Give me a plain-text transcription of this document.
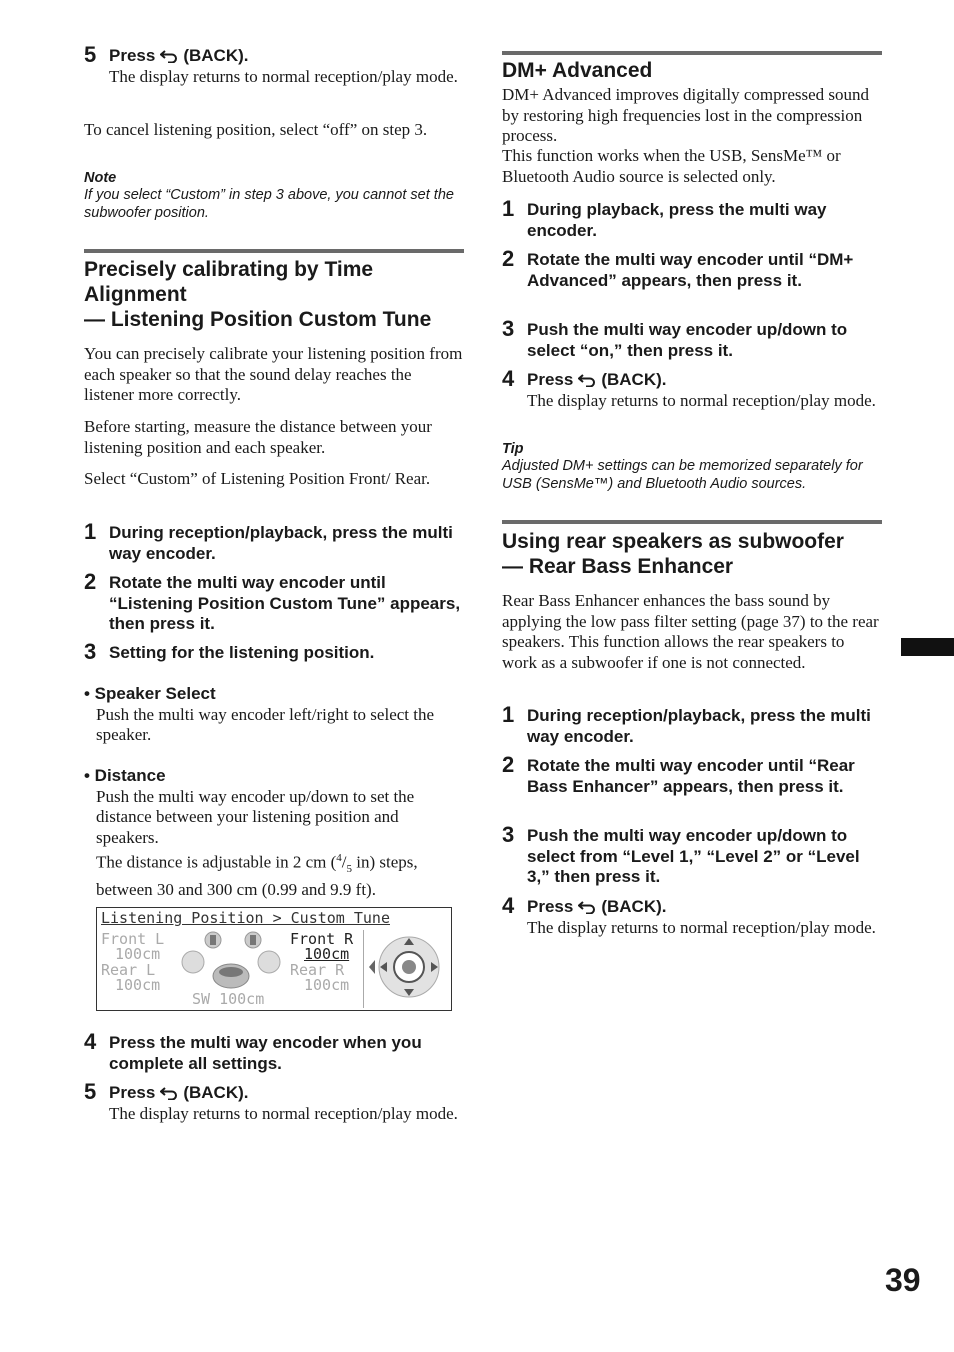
5 Press (BACK).

The display returns to normal reception/play mode.

To cancel listening position, select “off” on step 3.

Note
If you select “Custom” in step 3 above, you cannot set the subwoofer position.
Precisely calibrating by Time
Alignment
— Listening Position Custom Tune

You can precisely calibrate your listening position from each speaker so that the sound delay reaches the listener more correctly.

Before starting, measure the distance between your listening position and each speaker.

Select “Custom” of Listening Position Front/ Rear.

1 During reception/playback, press the multi way encoder.
2 Rotate the multi way encoder until “Listening Position Custom Tune” appears, then press it.
3 Setting for the listening position.
• Speaker Select
Push the multi way encoder left/right to select the speaker.
• Distance
Push the multi way encoder up/down to set the distance between your listening position and speakers.
The distance is adjustable in 2 cm ($^4/_5$ in) steps, between 30 and 300 cm (0.99 and 9.9 ft).
Listening Position > Custom Tune
Front L
100cm
Front R
100cm
Rear L
100cm
Rear R
100cm
SW 100cm
4 Press the multi way encoder when you complete all settings.
5 Press (BACK).

The display returns to normal reception/play mode.

DM+ Advanced

DM+ Advanced improves digitally compressed sound by restoring high frequencies lost in the compression process.

This function works when the USB, SensMe™ or Bluetooth Audio source is selected only.

1 During playback, press the multi way encoder.
2 Rotate the multi way encoder until “DM+ Advanced” appears, then press it.
3 Push the multi way encoder up/down to select “on,” then press it.
4 Press (BACK).

The display returns to normal reception/play mode.

Tip
Adjusted DM+ settings can be memorized separately for USB (SensMe™) and Bluetooth Audio sources.
Using rear speakers as subwoofer
— Rear Bass Enhancer

Rear Bass Enhancer enhances the bass sound by applying the low pass filter setting (page 37) to the rear speakers. This function allows the rear speakers to work as a subwoofer if one is not connected.

1 During reception/playback, press the multi way encoder.
2 Rotate the multi way encoder until “Rear Bass Enhancer” appears, then press it.
3 Push the multi way encoder up/down to select from “Level 1,” “Level 2” or “Level 3,” then press it.
4 Press (BACK).

The display returns to normal reception/play mode.

39
